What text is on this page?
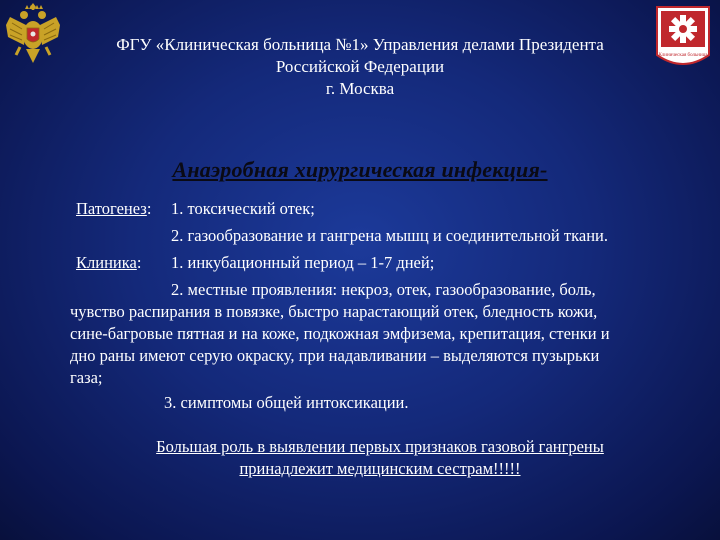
Клиническая больница
ФГУ «Клиническая больница №1» Управления делами Президента
Российской Федерации
г. Москва
Анаэробная хирургическая инфекция-
Патогенез: 1. токсический отек;
2. газообразование и гангрена мышц и соединительной ткани.
Клиника: 1. инкубационный период – 1-7 дней;
2. местные проявления: некроз, отек, газообразование, боль,
чувство распирания в повязке, быстро нарастающий отек, бледность кожи,
сине-багровые пятная и на коже, подкожная эмфизема, крепитация, стенки и
дно раны имеют серую окраску, при надавливании – выделяются пузырьки
газа;
3. симптомы общей интоксикации.
Большая роль в выявлении первых признаков газовой гангрены
принадлежит медицинским сестрам!!!!!
